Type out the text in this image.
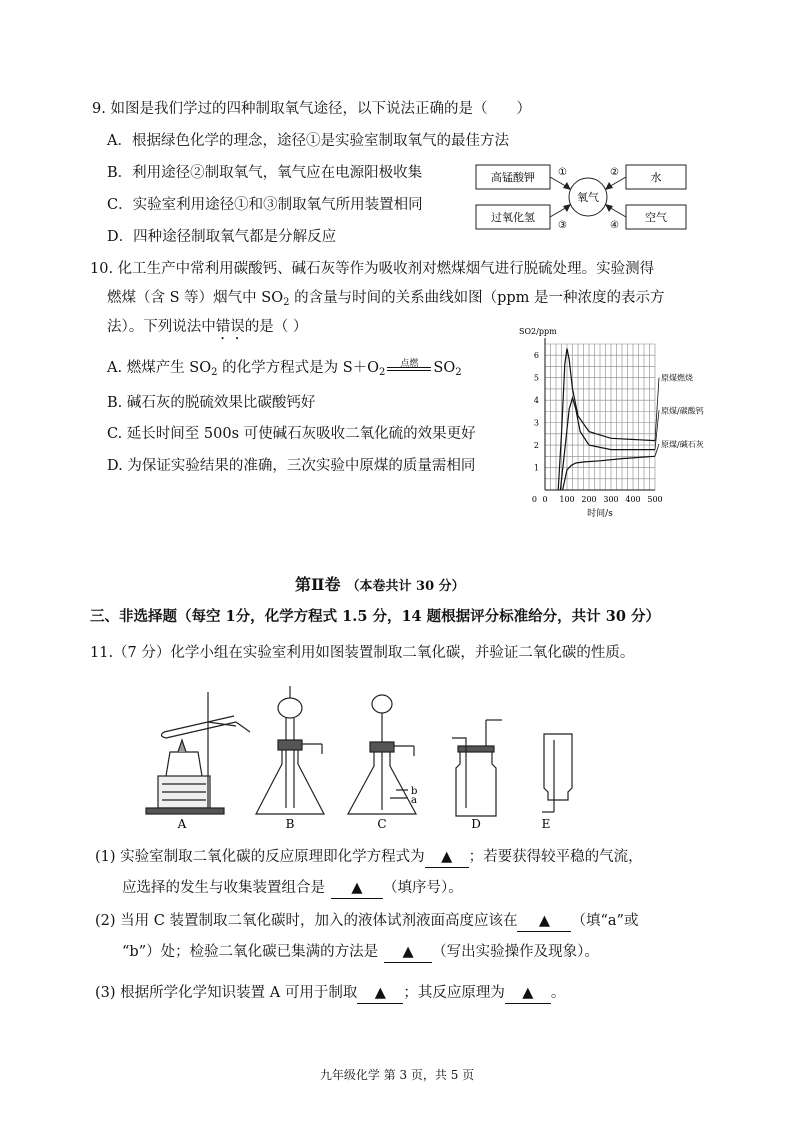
9. 如图是我们学过的四种制取氧气途径，以下说法正确的是（　　）
A．根据绿色化学的理念，途径①是实验室制取氧气的最佳方法
B．利用途径②制取氧气，氧气应在电源阳极收集
C．实验室利用途径①和③制取氧气所用装置相同
D．四种途径制取氧气都是分解反应
高锰酸钾	水
过氧化氢	空气
氧气
①	②
③	④
10. 化工生产中常利用碳酸钙、碱石灰等作为吸收剂对燃煤烟气进行脱硫处理。实验测得
燃煤（含 S 等）烟气中 $SO_2$ 的含量与时间的关系曲线如图（ppm 是一种浓度的表示方
法）。下列说法中错误的是（ ）
A. 燃煤产生 $SO_2$ 的化学方程式是为 $S+O_2$
点燃	$SO_2$
B. 碱石灰的脱硫效果比碳酸钙好
C. 延长时间至 500s 可使碱石灰吸收二氧化硫的效果更好
D. 为保证实验结果的准确，三次实验中原煤的质量需相同
0 100 200 300 400 500
1
2
3
4
5
6
0
SO2/ppm
时间/s
原煤燃烧
原煤/碳酸钙
原煤/碱石灰
第Ⅱ卷 （本卷共计 30 分）
三、非选择题（每空 1分，化学方程式 1.5 分，14 题根据评分标准给分，共计 30 分）
11.（7 分）化学小组在实验室利用如图装置制取二氧化碳，并验证二氧化碳的性质。
A	B	C	D	E
b
a
(1) 实验室制取二氧化碳的反应原理即化学方程式为 ▲ ；若要获得较平稳的气流，
应选择的发生与收集装置组合是 ▲ （填序号）。
(2) 当用 C 装置制取二氧化碳时，加入的液体试剂液面高度应该在 ▲ （填“a”或
“b”）处；检验二氧化碳已集满的方法是 ▲ （写出实验操作及现象）。
(3) 根据所学化学知识装置 A 可用于制取 ▲ ；其反应原理为 ▲ 。
九年级化学 第 3 页，共 5 页
